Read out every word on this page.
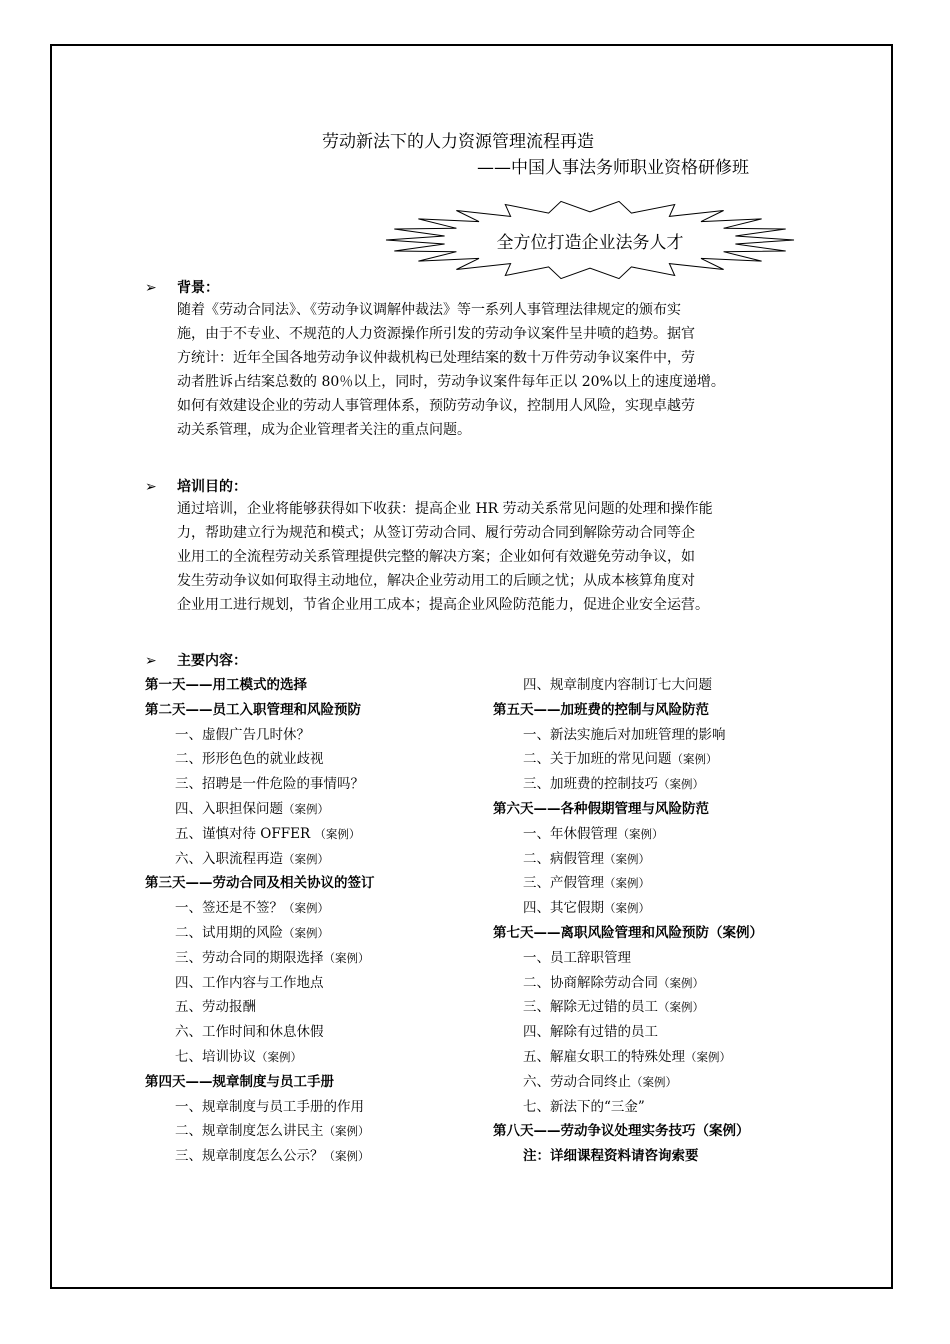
劳动新法下的人力资源管理流程再造
——中国人事法务师职业资格研修班
全方位打造企业法务人才
➢ 背景：
随着《劳动合同法》、《劳动争议调解仲裁法》等一系列人事管理法律规定的颁布实
施，由于不专业、不规范的人力资源操作所引发的劳动争议案件呈井喷的趋势。据官
方统计：近年全国各地劳动争议仲裁机构已处理结案的数十万件劳动争议案件中，劳
动者胜诉占结案总数的 80％以上，同时，劳动争议案件每年正以 20%以上的速度递增。
如何有效建设企业的劳动人事管理体系，预防劳动争议，控制用人风险，实现卓越劳
动关系管理，成为企业管理者关注的重点问题。
➢ 培训目的：
通过培训，企业将能够获得如下收获：提高企业 HR 劳动关系常见问题的处理和操作能
力，帮助建立行为规范和模式；从签订劳动合同、履行劳动合同到解除劳动合同等企
业用工的全流程劳动关系管理提供完整的解决方案；企业如何有效避免劳动争议，如
发生劳动争议如何取得主动地位，解决企业劳动用工的后顾之忧；从成本核算角度对
企业用工进行规划，节省企业用工成本；提高企业风险防范能力，促进企业安全运营。
➢ 主要内容：
第一天——用工模式的选择
第二天——员工入职管理和风险预防
一、虚假广告几时休？
二、形形色色的就业歧视
三、招聘是一件危险的事情吗？
四、入职担保问题（案例）
五、谨慎对待 OFFER （案例）
六、入职流程再造（案例）
第三天——劳动合同及相关协议的签订
一、签还是不签？（案例）
二、试用期的风险（案例）
三、劳动合同的期限选择（案例）
四、工作内容与工作地点
五、劳动报酬
六、工作时间和休息休假
七、培训协议（案例）
第四天——规章制度与员工手册
一、规章制度与员工手册的作用
二、规章制度怎么讲民主（案例）
三、规章制度怎么公示？（案例）
四、规章制度内容制订七大问题
第五天——加班费的控制与风险防范
一、新法实施后对加班管理的影响
二、关于加班的常见问题（案例）
三、加班费的控制技巧（案例）
第六天——各种假期管理与风险防范
一、年休假管理（案例）
二、病假管理（案例）
三、产假管理（案例）
四、其它假期（案例）
第七天——离职风险管理和风险预防（案例）
一、员工辞职管理
二、协商解除劳动合同（案例）
三、解除无过错的员工（案例）
四、解除有过错的员工
五、解雇女职工的特殊处理（案例）
六、劳动合同终止（案例）
七、新法下的“三金”
第八天——劳动争议处理实务技巧（案例）
注：详细课程资料请咨询索要
